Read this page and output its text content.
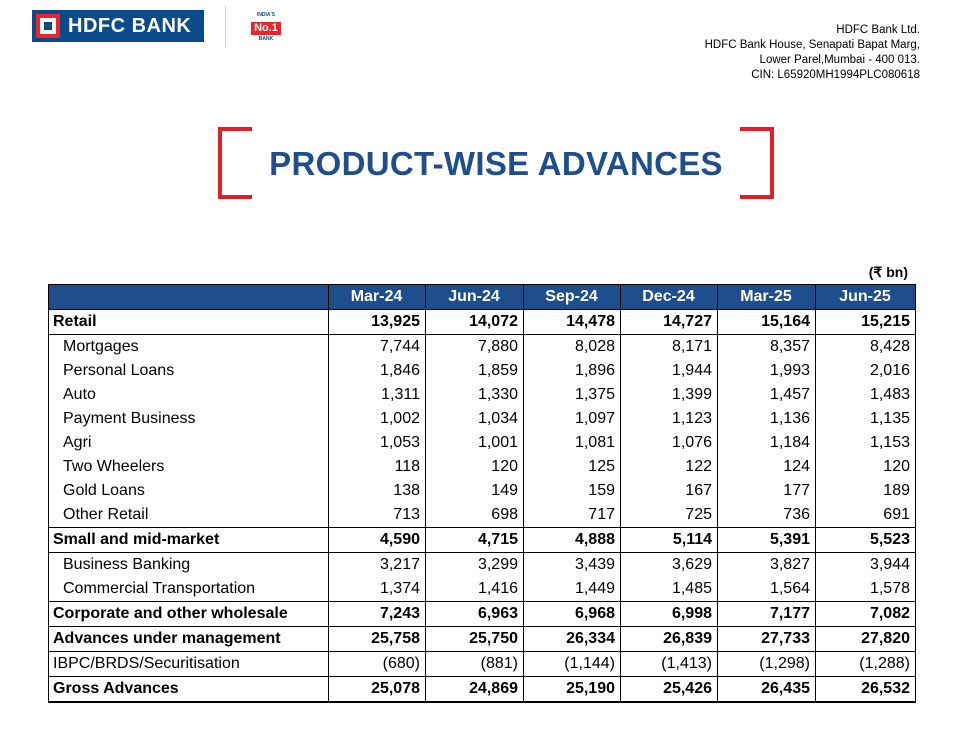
HDFC BANK	INDIA'S
No.1
BANK
HDFC Bank Ltd.
HDFC Bank House, Senapati Bapat Marg,
Lower Parel,Mumbai - 400 013.
CIN: L65920MH1994PLC080618
PRODUCT-WISE ADVANCES
(₹ bn)
	Mar-24	Jun-24	Sep-24	Dec-24	Mar-25	Jun-25
Retail	13,925	14,072	14,478	14,727	15,164	15,215
Mortgages	7,744	7,880	8,028	8,171	8,357	8,428
Personal Loans	1,846	1,859	1,896	1,944	1,993	2,016
Auto	1,311	1,330	1,375	1,399	1,457	1,483
Payment Business	1,002	1,034	1,097	1,123	1,136	1,135
Agri	1,053	1,001	1,081	1,076	1,184	1,153
Two Wheelers	118	120	125	122	124	120
Gold Loans	138	149	159	167	177	189
Other Retail	713	698	717	725	736	691
Small and mid-market	4,590	4,715	4,888	5,114	5,391	5,523
Business Banking	3,217	3,299	3,439	3,629	3,827	3,944
Commercial Transportation	1,374	1,416	1,449	1,485	1,564	1,578
Corporate and other wholesale	7,243	6,963	6,968	6,998	7,177	7,082
Advances under management	25,758	25,750	26,334	26,839	27,733	27,820
IBPC/BRDS/Securitisation	(680)	(881)	(1,144)	(1,413)	(1,298)	(1,288)
Gross Advances	25,078	24,869	25,190	25,426	26,435	26,532
